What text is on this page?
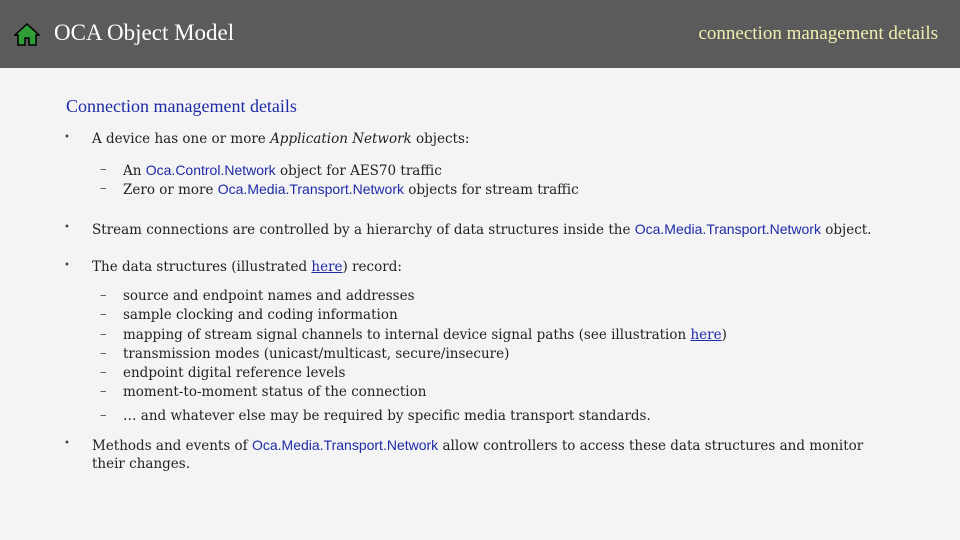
OCA Object Model	connection management details
Connection management details
• A device has one or more Application Network objects:
– An Oca.Control.Network object for AES70 traffic
– Zero or more Oca.Media.Transport.Network objects for stream traffic
• Stream connections are controlled by a hierarchy of data structures inside the Oca.Media.Transport.Network object.
• The data structures (illustrated here) record:
– source and endpoint names and addresses
– sample clocking and coding information
– mapping of stream signal channels to internal device signal paths (see illustration here)
– transmission modes (unicast/multicast, secure/insecure)
– endpoint digital reference levels
– moment-to-moment status of the connection
– … and whatever else may be required by specific media transport standards.
• Methods and events of Oca.Media.Transport.Network allow controllers to access these data structures and monitor
their changes.
